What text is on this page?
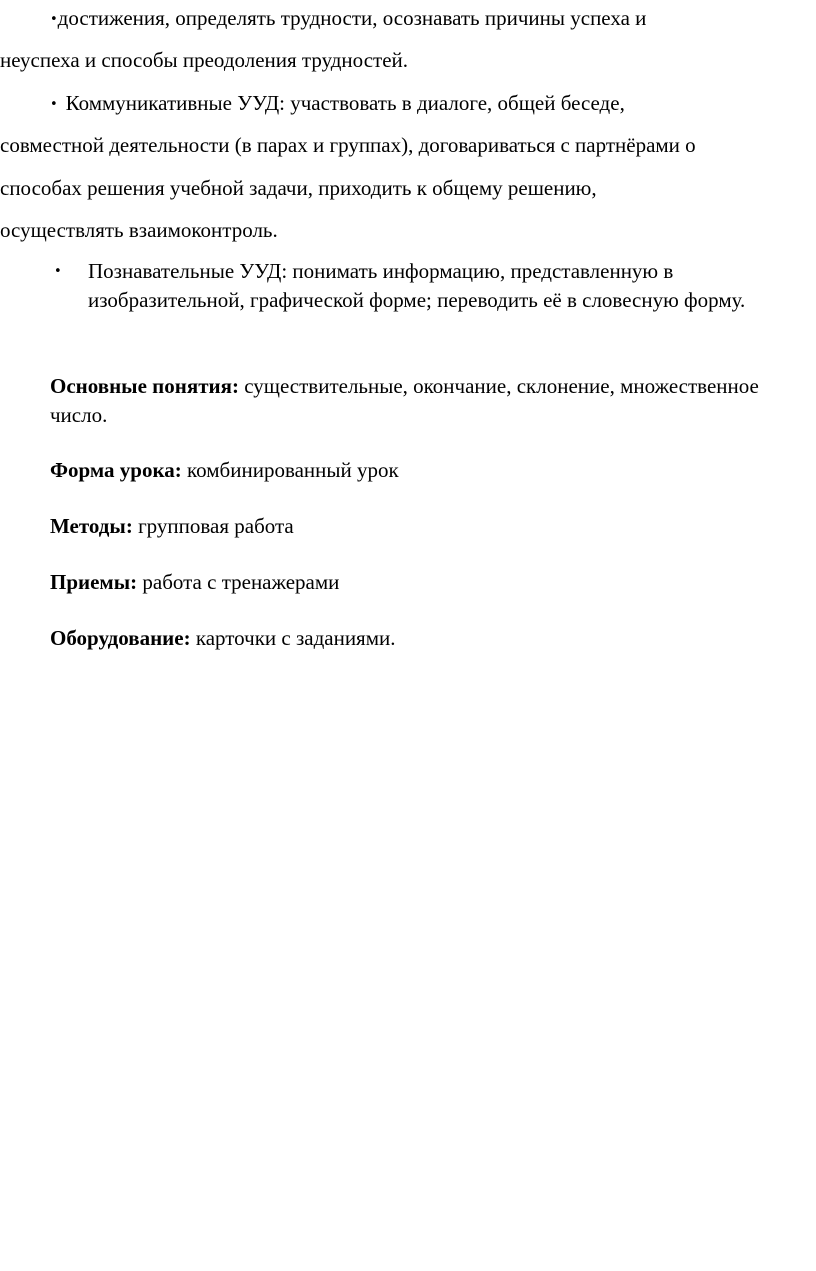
•достижения, определять трудности, осознавать причины успеха и
неуспеха и способы преодоления трудностей.
• Коммуникативные УУД: участвовать в диалоге, общей беседе,
совместной деятельности (в парах и группах), договариваться с партнёрами о
способах решения учебной задачи, приходить к общему решению,
осуществлять взаимоконтроль.
• Познавательные УУД: понимать информацию, представленную в изобразительной, графической форме; переводить её в словесную форму.
Основные понятия: существительные, окончание, склонение, множественное число.
Форма урока: комбинированный урок
Методы: групповая работа
Приемы: работа с тренажерами
Оборудование: карточки с заданиями.
